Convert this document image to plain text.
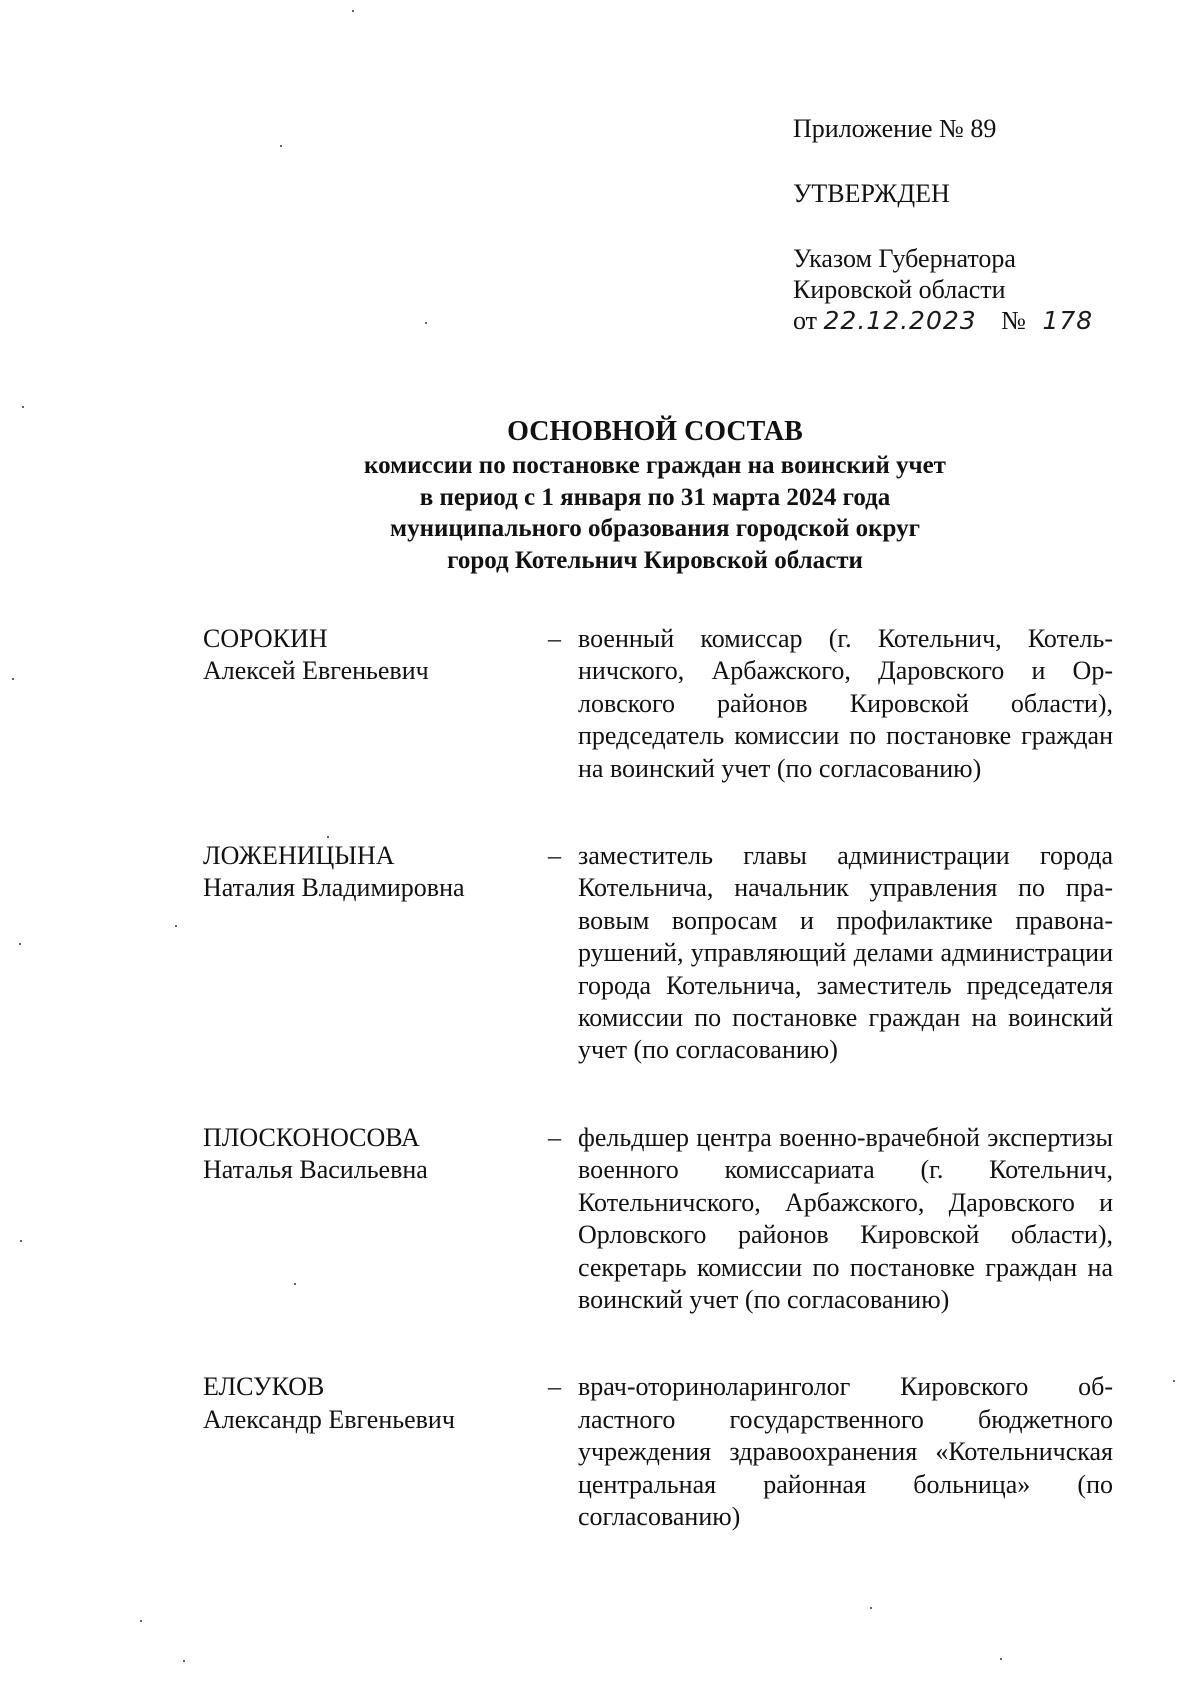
Приложение № 89
УТВЕРЖДЕН
Указом Губернатора
Кировской области
от 22.12.2023 № 178
ОСНОВНОЙ СОСТАВ
комиссии по постановке граждан на воинский учет
в период с 1 января по 31 марта 2024 года
муниципального образования городской округ
город Котельнич Кировской области
СОРОКИН
Алексей Евгеньевич
– военный комиссар (г. Котельнич, Котельничского, Арбажского, Даровского и Орловского районов Кировской области), председатель комиссии по постановке граждан на воинский учет (по согласованию)
ЛОЖЕНИЦЫНА
Наталия Владимировна
– заместитель главы администрации города Котельнича, начальник управления по правовым вопросам и профилактике правонарушений, управляющий делами администрации города Котельнича, заместитель председателя комиссии по постановке граждан на воинский учет (по согласованию)
ПЛОСКОНОСОВА
Наталья Васильевна
– фельдшер центра военно-врачебной экспертизы военного комиссариата (г. Котельнич, Котельничского, Арбажского, Даровского и Орловского районов Кировской области), секретарь комиссии по постановке граждан на воинский учет (по согласованию)
ЕЛСУКОВ
Александр Евгеньевич
– врач-оториноларинголог Кировского областного государственного бюджетного учреждения здравоохранения «Котельничская центральная районная больница» (по согласованию)
